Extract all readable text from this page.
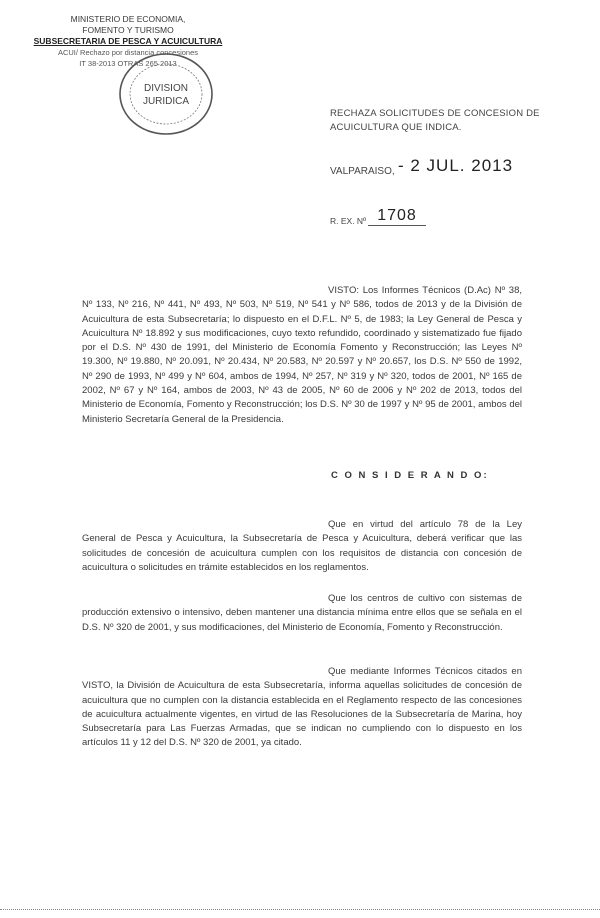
MINISTERIO DE ECONOMIA,
FOMENTO Y TURISMO
SUBSECRETARIA DE PESCA Y ACUICULTURA
ACUI/ Rechazo por distancia concesiones
IT 38-2013 OTRAS 265 2013
DIVISION
JURIDICA
RECHAZA SOLICITUDES DE CONCESION DE ACUICULTURA QUE INDICA.
VALPARAISO, - 2 JUL. 2013
R. EX. Nº 1708
VISTO: Los Informes Técnicos (D.Ac) Nº 38, Nº 133, Nº 216, Nº 441, Nº 493, Nº 503, Nº 519, Nº 541 y Nº 586, todos de 2013 y de la División de Acuicultura de esta Subsecretaría; lo dispuesto en el D.F.L. Nº 5, de 1983; la Ley General de Pesca y Acuicultura Nº 18.892 y sus modificaciones, cuyo texto refundido, coordinado y sistematizado fue fijado por el D.S. Nº 430 de 1991, del Ministerio de Economía Fomento y Reconstrucción; las Leyes Nº 19.300, Nº 19.880, Nº 20.091, Nº 20.434, Nº 20.583, Nº 20.597 y Nº 20.657, los D.S. Nº 550 de 1992, Nº 290 de 1993, Nº 499 y Nº 604, ambos de 1994, Nº 257, Nº 319 y Nº 320, todos de 2001, Nº 165 de 2002, Nº 67 y Nº 164, ambos de 2003, Nº 43 de 2005, Nº 60 de 2006 y Nº 202 de 2013, todos del Ministerio de Economía, Fomento y Reconstrucción; los D.S. Nº 30 de 1997 y Nº 95 de 2001, ambos del Ministerio Secretaría General de la Presidencia.
C O N S I D E R A N D O:
Que en virtud del artículo 78 de la Ley General de Pesca y Acuicultura, la Subsecretaría de Pesca y Acuicultura, deberá verificar que las solicitudes de concesión de acuicultura cumplen con los requisitos de distancia con concesión de acuicultura o solicitudes en trámite establecidos en los reglamentos.
Que los centros de cultivo con sistemas de producción extensivo o intensivo, deben mantener una distancia mínima entre ellos que se señala en el D.S. Nº 320 de 2001, y sus modificaciones, del Ministerio de Economía, Fomento y Reconstrucción.
Que mediante Informes Técnicos citados en VISTO, la División de Acuicultura de esta Subsecretaría, informa aquellas solicitudes de concesión de acuicultura que no cumplen con la distancia establecida en el Reglamento respecto de las concesiones de acuicultura actualmente vigentes, en virtud de las Resoluciones de la Subsecretaría de Marina, hoy Subsecretaría para Las Fuerzas Armadas, que se indican no cumpliendo con lo dispuesto en los artículos 11 y 12 del D.S. Nº 320 de 2001, ya citado.
